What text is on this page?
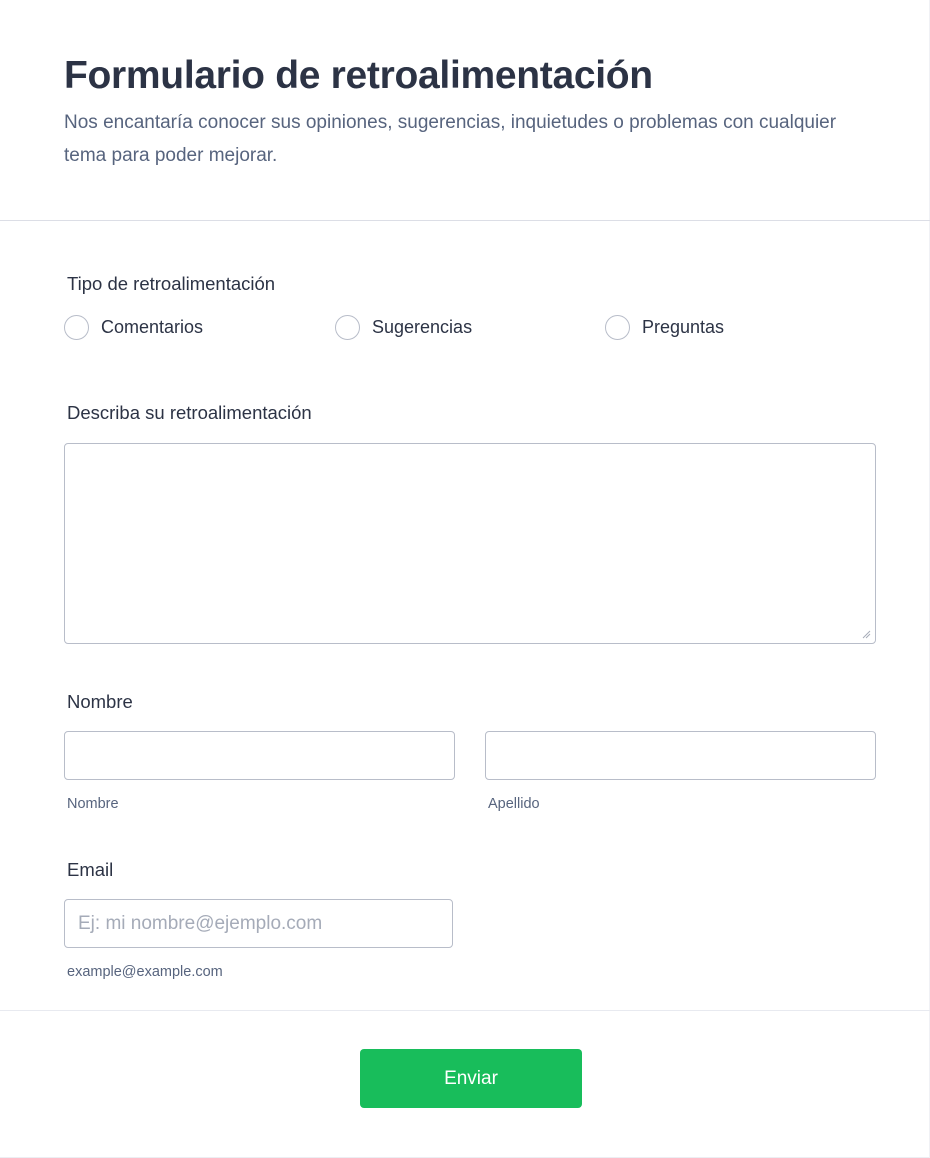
Formulario de retroalimentación

Nos encantaría conocer sus opiniones, sugerencias, inquietudes o problemas con cualquier tema para poder mejorar.

Tipo de retroalimentación
Comentarios	Sugerencias	Preguntas
Describa su retroalimentación
Nombre
Nombre	Apellido
Email
Ej: mi nombre@ejemplo.com
example@example.com
Enviar
